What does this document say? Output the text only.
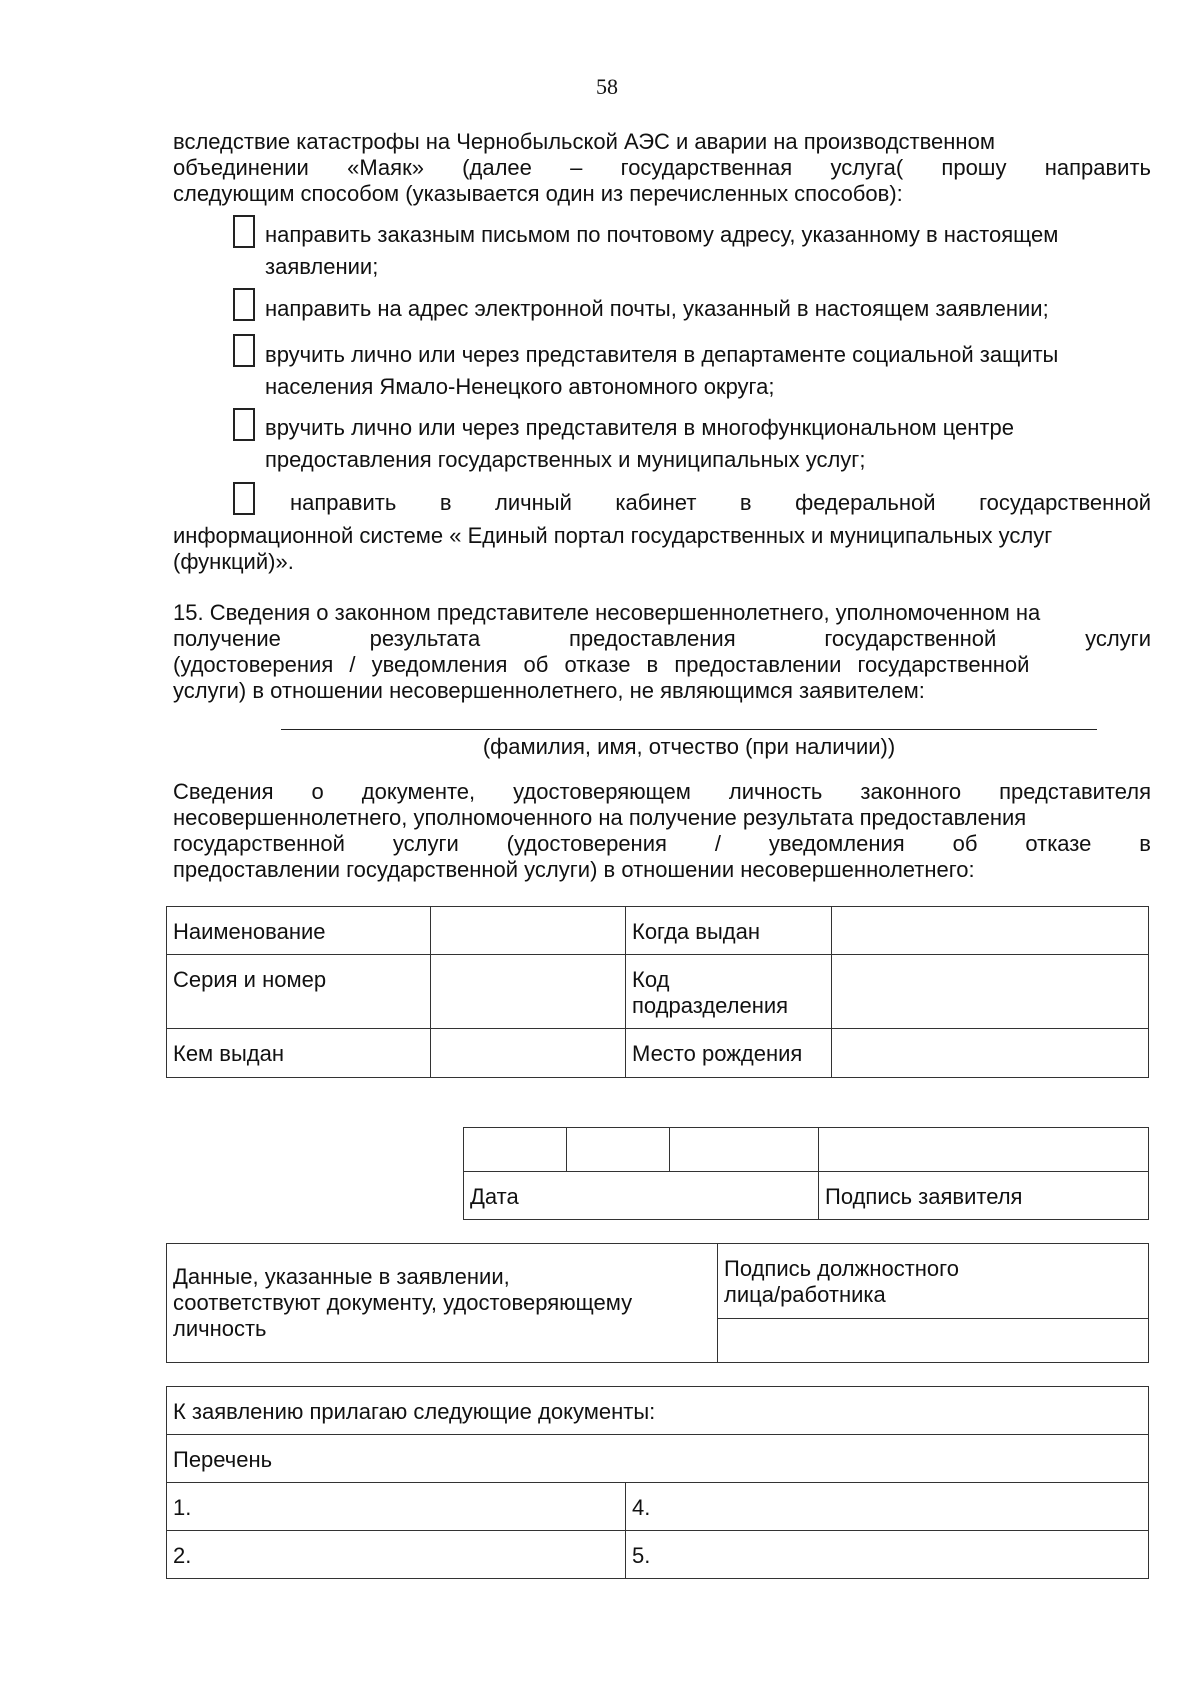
58
вследствие катастрофы на Чернобыльской АЭС и аварии на производственном
объединении «Маяк» (далее – государственная услуга( прошу направить
следующим способом (указывается один из перечисленных способов):
направить заказным письмом по почтовому адресу, указанному в настоящем
заявлении;
направить на адрес электронной почты, указанный в настоящем заявлении;
вручить лично или через представителя в департаменте социальной защиты
населения Ямало-Ненецкого автономного округа;
вручить лично или через представителя в многофункциональном центре
предоставления государственных и муниципальных услуг;
направить в личный кабинет в федеральной государственной
информационной системе « Единый портал государственных и муниципальных услуг
(функций)».
15. Сведения о законном представителе несовершеннолетнего, уполномоченном на
получение результата предоставления государственной услуги
(удостоверения / уведомления об отказе в предоставлении государственной
услуги) в отношении несовершеннолетнего, не являющимся заявителем:
(фамилия, имя, отчество (при наличии))
Сведения о документе, удостоверяющем личность законного представителя
несовершеннолетнего, уполномоченного на получение результата предоставления
государственной услуги (удостоверения / уведомления об отказе в
предоставлении государственной услуги) в отношении несовершеннолетнего:
Наименование		Когда выдан	
Серия и номер		Код
подразделения	
Кем выдан		Место рождения	

Дата			Подпись заявителя
Данные, указанные в заявлении,
соответствуют документу, удостоверяющему
личность	Подпись должностного
лица/работника

К заявлению прилагаю следующие документы:	
Перечень	
1.	4.
2.	5.
